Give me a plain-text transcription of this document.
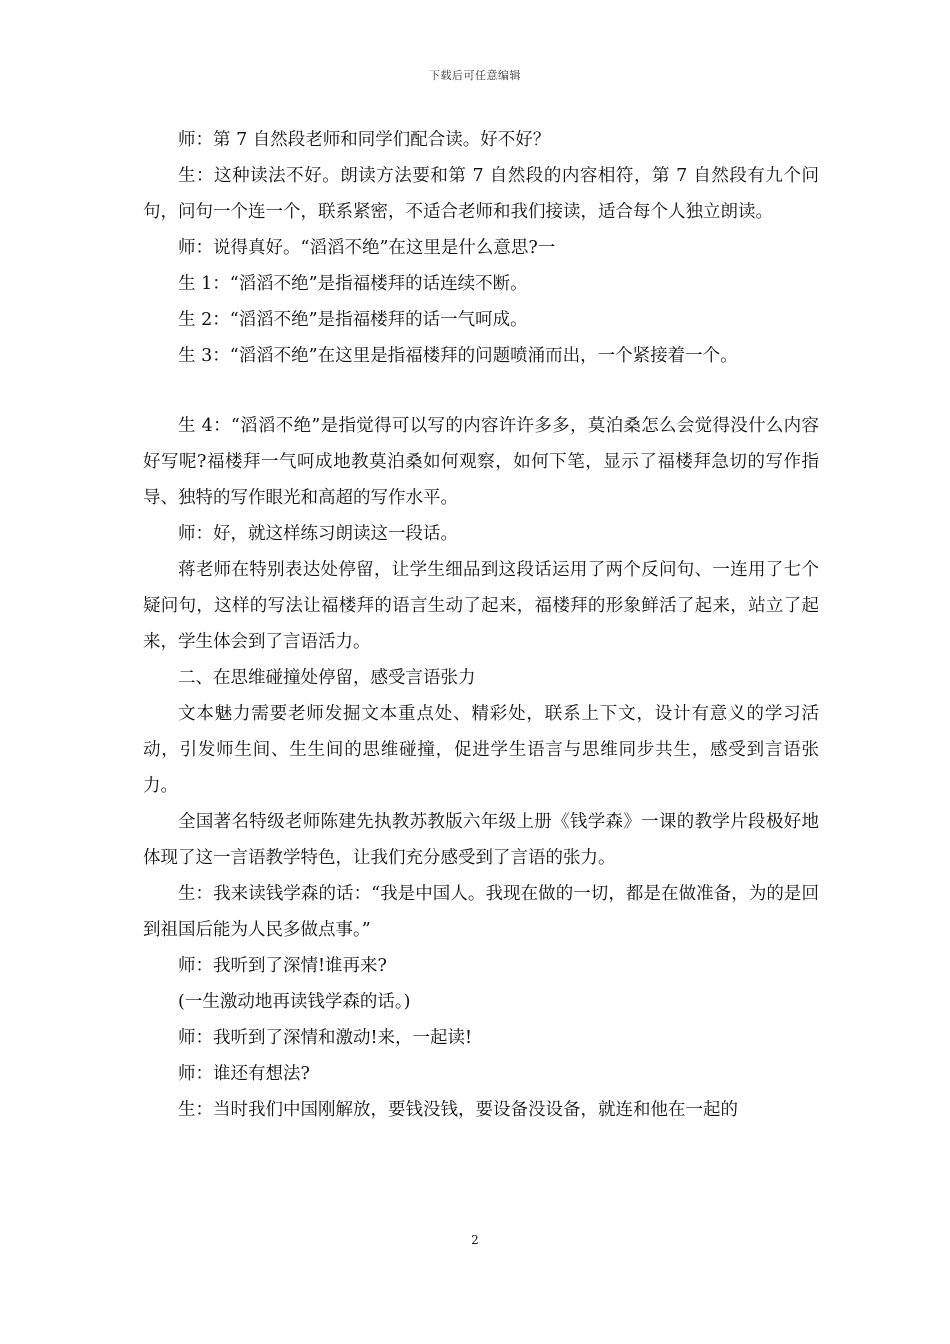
下载后可任意编辑

师：第 7 自然段老师和同学们配合读。好不好？

生：这种读法不好。朗读方法要和第 7 自然段的内容相符，第 7 自然段有九个问句，问句一个连一个，联系紧密，不适合老师和我们接读，适合每个人独立朗读。

师：说得真好。“滔滔不绝”在这里是什么意思?一

生 1：“滔滔不绝”是指福楼拜的话连续不断。

生 2：“滔滔不绝”是指福楼拜的话一气呵成。

生 3：“滔滔不绝”在这里是指福楼拜的问题喷涌而出，一个紧接着一个。

生 4：“滔滔不绝”是指觉得可以写的内容许许多多，莫泊桑怎么会觉得没什么内容好写呢?福楼拜一气呵成地教莫泊桑如何观察，如何下笔，显示了福楼拜急切的写作指导、独特的写作眼光和高超的写作水平。

师：好，就这样练习朗读这一段话。

蒋老师在特别表达处停留，让学生细品到这段话运用了两个反问句、一连用了七个疑问句，这样的写法让福楼拜的语言生动了起来，福楼拜的形象鲜活了起来，站立了起来，学生体会到了言语活力。

二、在思维碰撞处停留，感受言语张力

文本魅力需要老师发掘文本重点处、精彩处，联系上下文，设计有意义的学习活动，引发师生间、生生间的思维碰撞，促进学生语言与思维同步共生，感受到言语张力。

全国著名特级老师陈建先执教苏教版六年级上册《钱学森》一课的教学片段极好地体现了这一言语教学特色，让我们充分感受到了言语的张力。

生：我来读钱学森的话：“我是中国人。我现在做的一切，都是在做准备，为的是回到祖国后能为人民多做点事。”

师：我听到了深情!谁再来?

(一生激动地再读钱学森的话。)

师：我听到了深情和激动!来，一起读!

师：谁还有想法?

生：当时我们中国刚解放，要钱没钱，要设备没设备，就连和他在一起的

2
